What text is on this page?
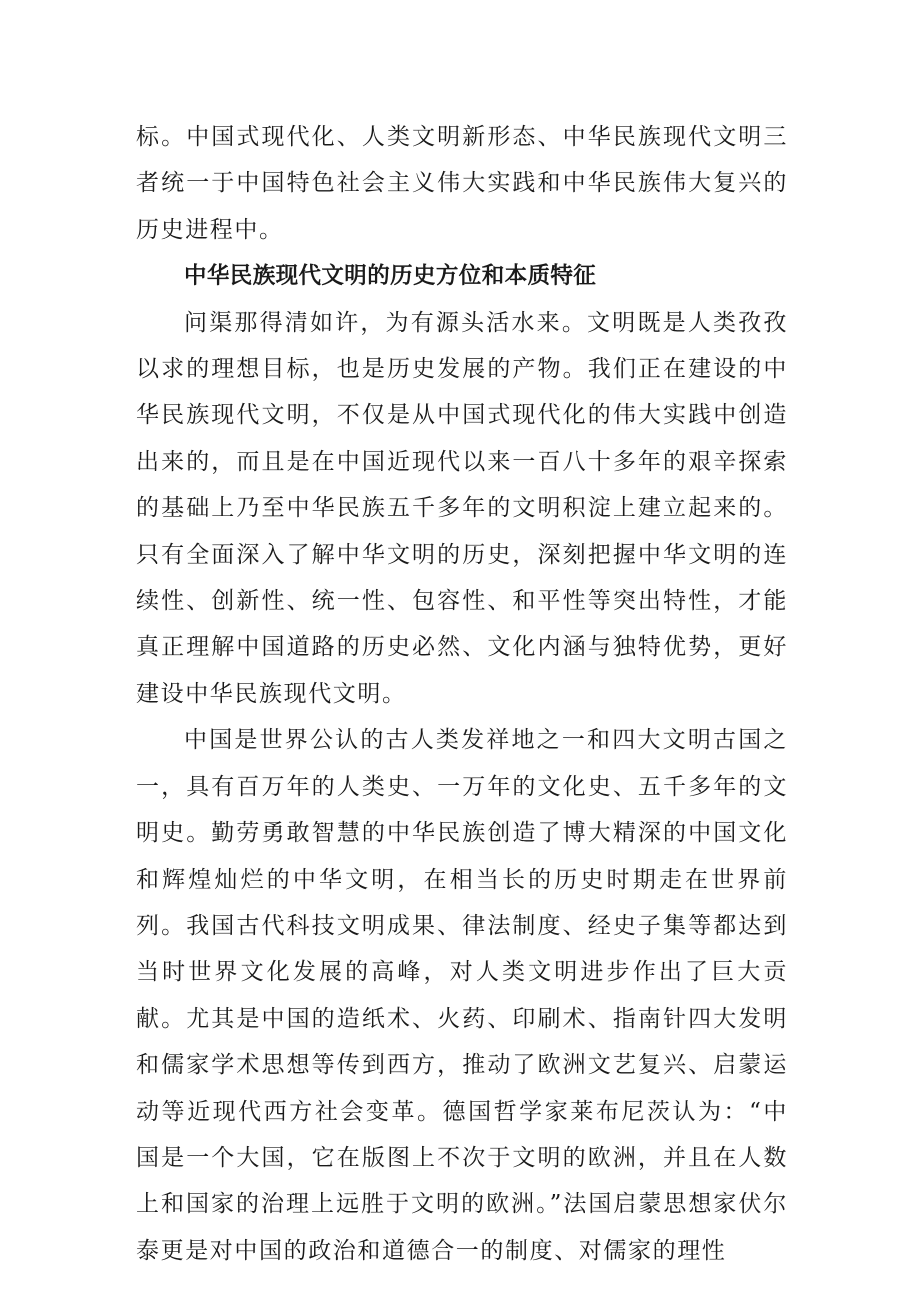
标。中国式现代化、人类文明新形态、中华民族现代文明三者统一于中国特色社会主义伟大实践和中华民族伟大复兴的历史进程中。

中华民族现代文明的历史方位和本质特征

问渠那得清如许，为有源头活水来。文明既是人类孜孜以求的理想目标，也是历史发展的产物。我们正在建设的中华民族现代文明，不仅是从中国式现代化的伟大实践中创造出来的，而且是在中国近现代以来一百八十多年的艰辛探索的基础上乃至中华民族五千多年的文明积淀上建立起来的。只有全面深入了解中华文明的历史，深刻把握中华文明的连续性、创新性、统一性、包容性、和平性等突出特性，才能真正理解中国道路的历史必然、文化内涵与独特优势，更好建设中华民族现代文明。

中国是世界公认的古人类发祥地之一和四大文明古国之一，具有百万年的人类史、一万年的文化史、五千多年的文明史。勤劳勇敢智慧的中华民族创造了博大精深的中国文化和辉煌灿烂的中华文明，在相当长的历史时期走在世界前列。我国古代科技文明成果、律法制度、经史子集等都达到当时世界文化发展的高峰，对人类文明进步作出了巨大贡献。尤其是中国的造纸术、火药、印刷术、指南针四大发明和儒家学术思想等传到西方，推动了欧洲文艺复兴、启蒙运动等近现代西方社会变革。德国哲学家莱布尼茨认为：“中国是一个大国，它在版图上不次于文明的欧洲，并且在人数上和国家的治理上远胜于文明的欧洲。”法国启蒙思想家伏尔泰更是对中国的政治和道德合一的制度、对儒家的理性
